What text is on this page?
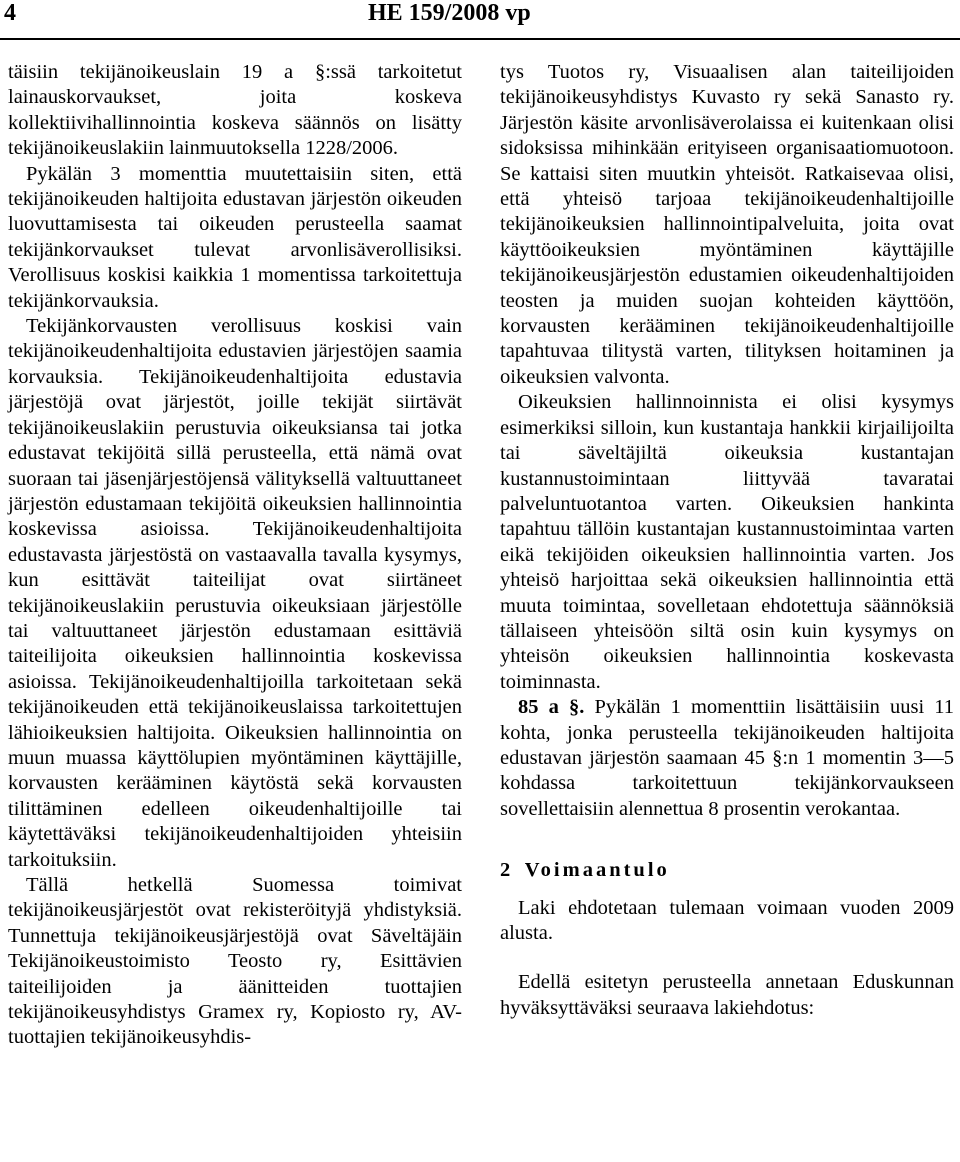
4	HE 159/2008 vp

täisiin tekijänoikeuslain 19 a §:ssä tarkoitetut lainauskorvaukset, joita koskeva kollektiivihallinnointia koskeva säännös on lisätty tekijänoikeuslakiin lainmuutoksella 1228/2006.

Pykälän 3 momenttia muutettaisiin siten, että tekijänoikeuden haltijoita edustavan järjestön oikeuden luovuttamisesta tai oikeuden perusteella saamat tekijänkorvaukset tulevat arvonlisäverollisiksi. Verollisuus koskisi kaikkia 1 momentissa tarkoitettuja tekijänkorvauksia.

Tekijänkorvausten verollisuus koskisi vain tekijänoikeudenhaltijoita edustavien järjestöjen saamia korvauksia. Tekijänoikeudenhaltijoita edustavia järjestöjä ovat järjestöt, joille tekijät siirtävät tekijänoikeuslakiin perustuvia oikeuksiansa tai jotka edustavat tekijöitä sillä perusteella, että nämä ovat suoraan tai jäsenjärjestöjensä välityksellä valtuuttaneet järjestön edustamaan tekijöitä oikeuksien hallinnointia koskevissa asioissa. Tekijänoikeudenhaltijoita edustavasta järjestöstä on vastaavalla tavalla kysymys, kun esittävät taiteilijat ovat siirtäneet tekijänoikeuslakiin perustuvia oikeuksiaan järjestölle tai valtuuttaneet järjestön edustamaan esittäviä taiteilijoita oikeuksien hallinnointia koskevissa asioissa. Tekijänoikeudenhaltijoilla tarkoitetaan sekä tekijänoikeuden että tekijänoikeuslaissa tarkoitettujen lähioikeuksien haltijoita. Oikeuksien hallinnointia on muun muassa käyttölupien myöntäminen käyttäjille, korvausten kerääminen käytöstä sekä korvausten tilittäminen edelleen oikeudenhaltijoille tai käytettäväksi tekijänoikeudenhaltijoiden yhteisiin tarkoituksiin.

Tällä hetkellä Suomessa toimivat tekijänoikeusjärjestöt ovat rekisteröityjä yhdistyksiä. Tunnettuja tekijänoikeusjärjestöjä ovat Säveltäjäin Tekijänoikeustoimisto Teosto ry, Esittävien taiteilijoiden ja äänitteiden tuottajien tekijänoikeusyhdistys Gramex ry, Kopiosto ry, AV-tuottajien tekijänoikeusyhdis-

tys Tuotos ry, Visuaalisen alan taiteilijoiden tekijänoikeusyhdistys Kuvasto ry sekä Sanasto ry. Järjestön käsite arvonlisäverolaissa ei kuitenkaan olisi sidoksissa mihinkään erityiseen organisaatiomuotoon. Se kattaisi siten muutkin yhteisöt. Ratkaisevaa olisi, että yhteisö tarjoaa tekijänoikeudenhaltijoille tekijänoikeuksien hallinnointipalveluita, joita ovat käyttöoikeuksien myöntäminen käyttäjille tekijänoikeusjärjestön edustamien oikeudenhaltijoiden teosten ja muiden suojan kohteiden käyttöön, korvausten kerääminen tekijänoikeudenhaltijoille tapahtuvaa tilitystä varten, tilityksen hoitaminen ja oikeuksien valvonta.

Oikeuksien hallinnoinnista ei olisi kysymys esimerkiksi silloin, kun kustantaja hankkii kirjailijoilta tai säveltäjiltä oikeuksia kustantajan kustannustoimintaan liittyvää tavaratai palveluntuotantoa varten. Oikeuksien hankinta tapahtuu tällöin kustantajan kustannustoimintaa varten eikä tekijöiden oikeuksien hallinnointia varten. Jos yhteisö harjoittaa sekä oikeuksien hallinnointia että muuta toimintaa, sovelletaan ehdotettuja säännöksiä tällaiseen yhteisöön siltä osin kuin kysymys on yhteisön oikeuksien hallinnointia koskevasta toiminnasta.

85 a §. Pykälän 1 momenttiin lisättäisiin uusi 11 kohta, jonka perusteella tekijänoikeuden haltijoita edustavan järjestön saamaan 45 §:n 1 momentin 3—5 kohdassa tarkoitettuun tekijänkorvaukseen sovellettaisiin alennettua 8 prosentin verokantaa.

2 Voimaantulo

Laki ehdotetaan tulemaan voimaan vuoden 2009 alusta.

Edellä esitetyn perusteella annetaan Eduskunnan hyväksyttäväksi seuraava lakiehdotus:
